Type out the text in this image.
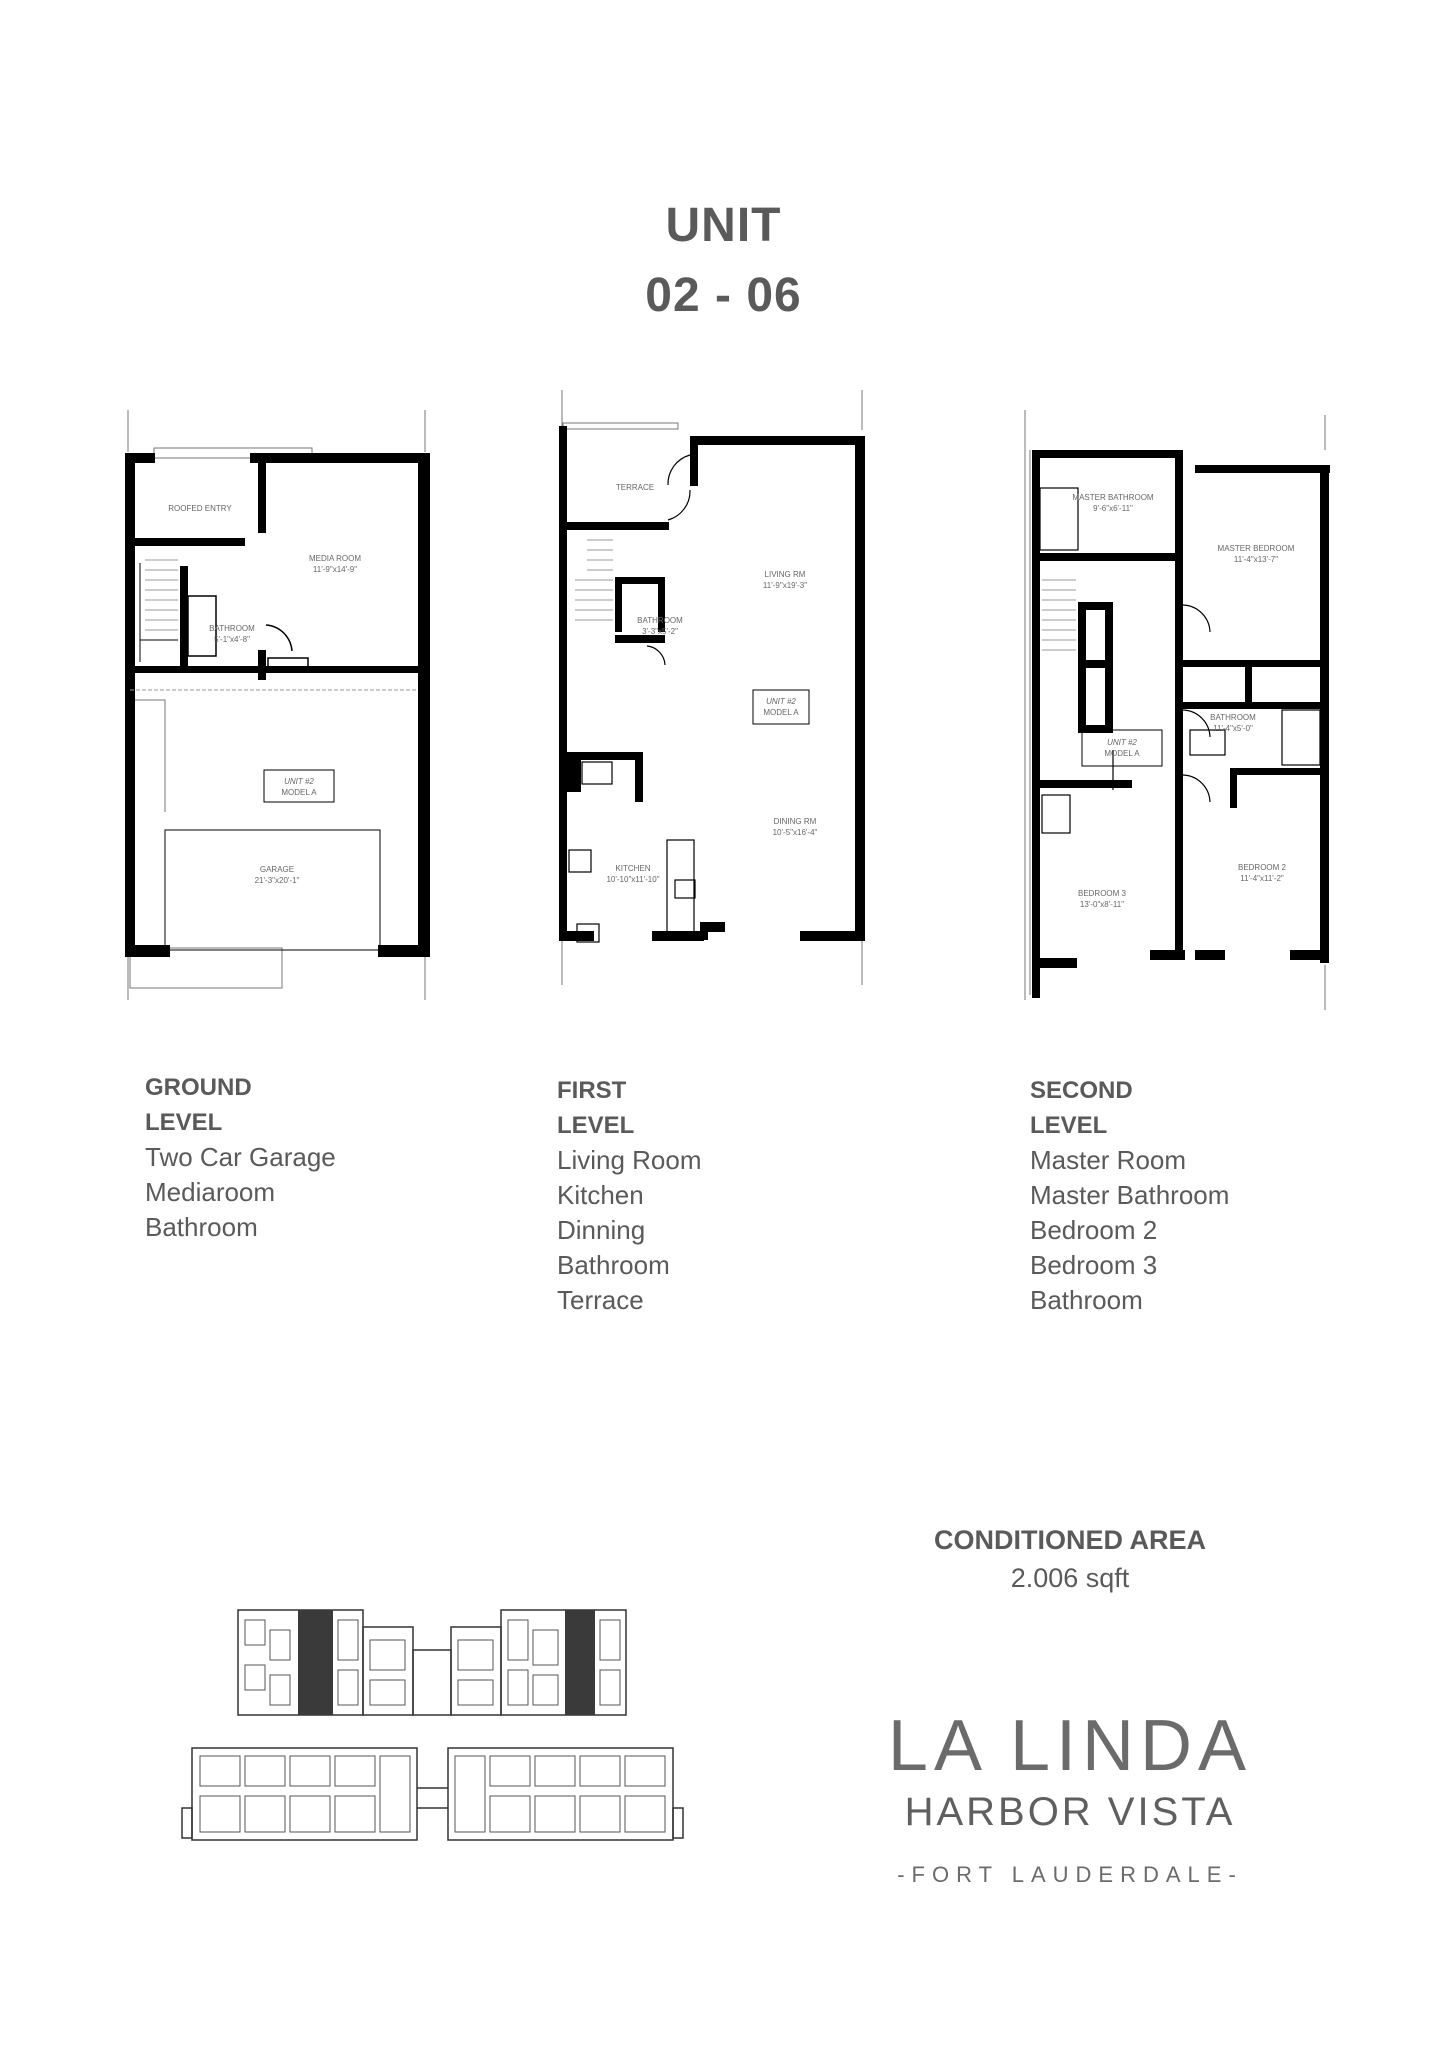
UNIT
02 - 06
ROOFED ENTRY
MEDIA ROOM
11'-9"x14'-9"
BATHROOM
5'-1"x4'-8"
UNIT #2
MODEL A
GARAGE
21'-3"x20'-1"
TERRACE
LIVING RM
11'-9"x19'-3"
BATHROOM
3'-3"x5'-2"
UNIT #2
MODEL A
DINING RM
10'-5"x16'-4"
KITCHEN
10'-10"x11'-10"
MASTER BATHROOM
9'-6"x6'-11"
MASTER BEDROOM
11'-4"x13'-7"
BATHROOM
11'-4"x5'-0"
UNIT #2
MODEL A
BEDROOM 2
11'-4"x11'-2"
BEDROOM 3
13'-0"x8'-11"
GROUND
LEVEL
Two Car Garage
Mediaroom
Bathroom
FIRST
LEVEL
Living Room
Kitchen
Dinning
Bathroom
Terrace
SECOND
LEVEL
Master Room
Master Bathroom
Bedroom 2
Bedroom 3
Bathroom
CONDITIONED AREA
2.006 sqft
LA LINDA
HARBOR VISTA
-FORT LAUDERDALE-
